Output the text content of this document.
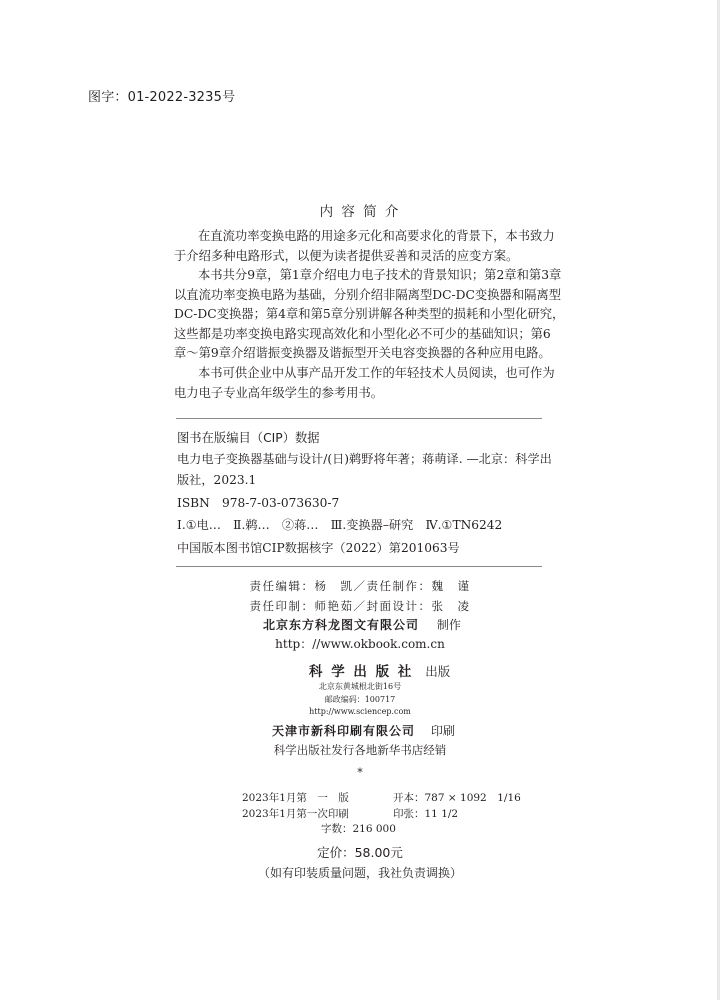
图字：01-2022-3235号
内 容 简 介
在直流功率变换电路的用途多元化和高要求化的背景下，本书致力
于介绍多种电路形式，以便为读者提供妥善和灵活的应变方案。
本书共分9章，第1章介绍电力电子技术的背景知识；第2章和第3章
以直流功率变换电路为基础，分别介绍非隔离型DC-DC变换器和隔离型
DC-DC变换器；第4章和第5章分别讲解各种类型的损耗和小型化研究，
这些都是功率变换电路实现高效化和小型化必不可少的基础知识；第6
章～第9章介绍谐振变换器及谐振型开关电容变换器的各种应用电路。
本书可供企业中从事产品开发工作的年轻技术人员阅读，也可作为
电力电子专业高年级学生的参考用书。
图书在版编目（CIP）数据
电力电子变换器基础与设计/(日)鹈野将年著；蒋萌译. —北京：科学出
版社，2023.1
ISBN　978-7-03-073630-7
Ⅰ.①电…　Ⅱ.鹈…　②蒋…　Ⅲ.变换器–研究　Ⅳ.①TN6242
中国版本图书馆CIP数据核字（2022）第201063号
责任编辑：杨　凯／责任制作：魏　谨
责任印制：师艳茹／封面设计：张　凌
北京东方科龙图文有限公司 制作
http：//www.okbook.com.cn
科 学 出 版 社 出版
北京东黄城根北街16号
邮政编码：100717
http://www.sciencep.com
天津市新科印刷有限公司 印刷
科学出版社发行各地新华书店经销
*
2023年1月第　一　版	开本：787 × 1092　1/16
2023年1月第一次印刷	印张：11 1/2
字数：216 000
定价：58.00元
（如有印装质量问题，我社负责调换）
